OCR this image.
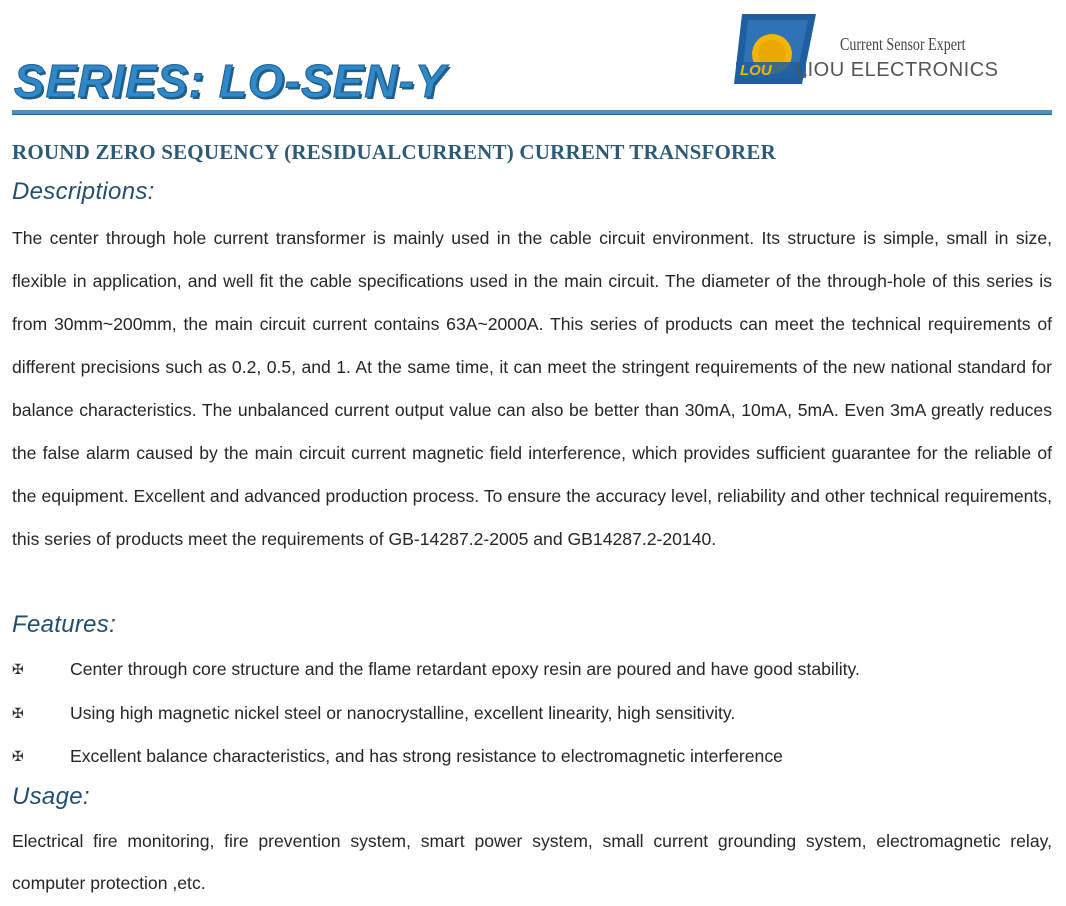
SERIES: LO-SEN-Y	LOU
Current Sensor Expert
LIOU ELECTRONICS
ROUND ZERO SEQUENCY (RESIDUALCURRENT) CURRENT TRANSFORER
Descriptions:
The center through hole current transformer is mainly used in the cable circuit environment. Its structure is simple, small in size, flexible in application, and well fit the cable specifications used in the main circuit. The diameter of the through-hole of this series is from 30mm~200mm, the main circuit current contains 63A~2000A. This series of products can meet the technical requirements of different precisions such as 0.2, 0.5, and 1. At the same time, it can meet the stringent requirements of the new national standard for balance characteristics. The unbalanced current output value can also be better than 30mA, 10mA, 5mA. Even 3mA greatly reduces the false alarm caused by the main circuit current magnetic field interference, which provides sufficient guarantee for the reliable of the equipment. Excellent and advanced production process. To ensure the accuracy level, reliability and other technical requirements, this series of products meet the requirements of GB-14287.2-2005 and GB14287.2-20140.
Features:
✠	Center through core structure and the flame retardant epoxy resin are poured and have good stability.
✠	Using high magnetic nickel steel or nanocrystalline, excellent linearity, high sensitivity.
✠	Excellent balance characteristics, and has strong resistance to electromagnetic interference
Usage:
Electrical fire monitoring, fire prevention system, smart power system, small current grounding system, electromagnetic relay, computer protection ,etc.
